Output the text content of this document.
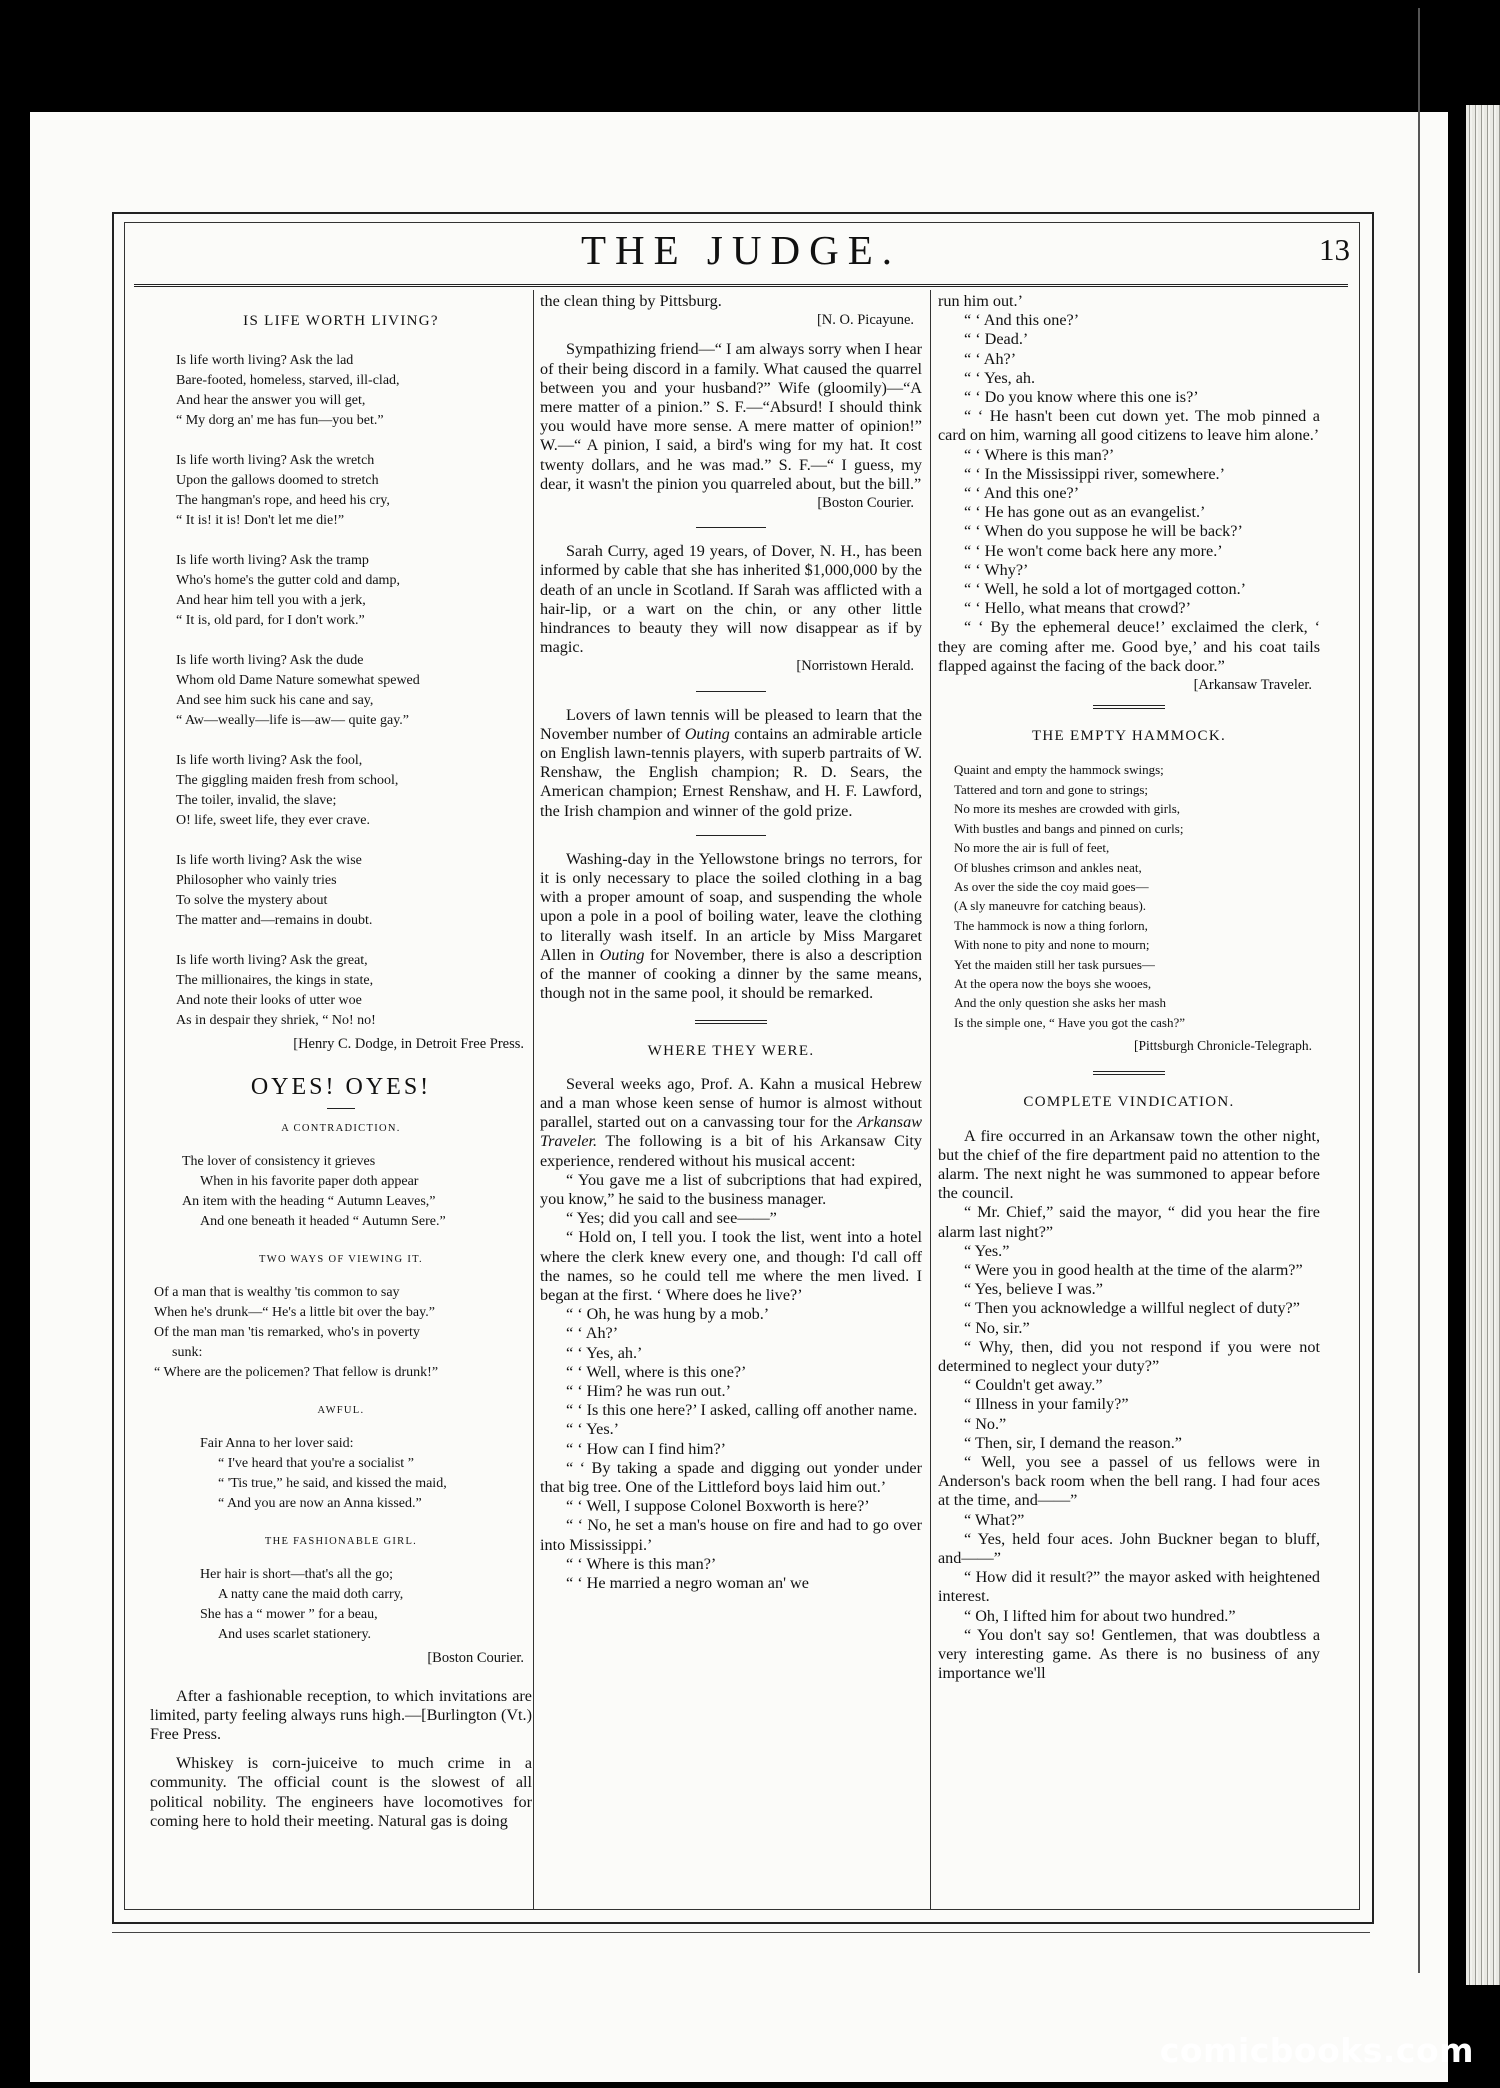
THE JUDGE.	13
IS LIFE WORTH LIVING?
Is life worth living? Ask the lad
Bare-footed, homeless, starved, ill-clad,
And hear the answer you will get,
“ My dorg an' me has fun—you bet.”
Is life worth living? Ask the wretch
Upon the gallows doomed to stretch
The hangman's rope, and heed his cry,
“ It is! it is! Don't let me die!”
Is life worth living? Ask the tramp
Who's home's the gutter cold and damp,
And hear him tell you with a jerk,
“ It is, old pard, for I don't work.”
Is life worth living? Ask the dude
Whom old Dame Nature somewhat spewed
And see him suck his cane and say,
“ Aw—weally—life is—aw— quite gay.”
Is life worth living? Ask the fool,
The giggling maiden fresh from school,
The toiler, invalid, the slave;
O! life, sweet life, they ever crave.
Is life worth living? Ask the wise
Philosopher who vainly tries
To solve the mystery about
The matter and—remains in doubt.
Is life worth living? Ask the great,
The millionaires, the kings in state,
And note their looks of utter woe
As in despair they shriek, “ No! no!
[Henry C. Dodge, in Detroit Free Press.
OYES! OYES!
A CONTRADICTION.
The lover of consistency it grieves
When in his favorite paper doth appear
An item with the heading “ Autumn Leaves,”
And one beneath it headed “ Autumn Sere.”
TWO WAYS OF VIEWING IT.
Of a man that is wealthy 'tis common to say
When he's drunk—“ He's a little bit over the bay.”
Of the man man 'tis remarked, who's in poverty
sunk:
“ Where are the policemen? That fellow is drunk!”
AWFUL.
Fair Anna to her lover said:
“ I've heard that you're a socialist ”
“ 'Tis true,” he said, and kissed the maid,
“ And you are now an Anna kissed.”
THE FASHIONABLE GIRL.
Her hair is short—that's all the go;
A natty cane the maid doth carry,
She has a “ mower ” for a beau,
And uses scarlet stationery.
[Boston Courier.

After a fashionable reception, to which invitations are limited, party feeling always runs high.—[Burlington (Vt.) Free Press.

Whiskey is corn-juiceive to much crime in a community. The official count is the slowest of all political nobility. The engineers have locomotives for coming here to hold their meeting. Natural gas is doing

the clean thing by Pittsburg.

[N. O. Picayune.

Sympathizing friend—“ I am always sorry when I hear of their being discord in a family. What caused the quarrel between you and your husband?” Wife (gloomily)—“A mere matter of a pinion.” S. F.—“Absurd! I should think you would have more sense. A mere matter of opinion!” W.—“ A pinion, I said, a bird's wing for my hat. It cost twenty dollars, and he was mad.” S. F.—“ I guess, my dear, it wasn't the pinion you quarreled about, but the bill.”

[Boston Courier.

Sarah Curry, aged 19 years, of Dover, N. H., has been informed by cable that she has inherited $1,000,000 by the death of an uncle in Scotland. If Sarah was afflicted with a hair-lip, or a wart on the chin, or any other little hindrances to beauty they will now disappear as if by magic.

[Norristown Herald.

Lovers of lawn tennis will be pleased to learn that the November number of Outing contains an admirable article on English lawn-tennis players, with superb partraits of W. Renshaw, the English champion; R. D. Sears, the American champion; Ernest Renshaw, and H. F. Lawford, the Irish champion and winner of the gold prize.

Washing-day in the Yellowstone brings no terrors, for it is only necessary to place the soiled clothing in a bag with a proper amount of soap, and suspending the whole upon a pole in a pool of boiling water, leave the clothing to literally wash itself. In an article by Miss Margaret Allen in Outing for November, there is also a description of the manner of cooking a dinner by the same means, though not in the same pool, it should be remarked.

WHERE THEY WERE.

Several weeks ago, Prof. A. Kahn a musical Hebrew and a man whose keen sense of humor is almost without parallel, started out on a canvassing tour for the Arkansaw Traveler. The following is a bit of his Arkansaw City experience, rendered without his musical accent:

“ You gave me a list of subcriptions that had expired, you know,” he said to the business manager.

“ Yes; did you call and see——”

“ Hold on, I tell you. I took the list, went into a hotel where the clerk knew every one, and though: I'd call off the names, so he could tell me where the men lived. I began at the first. ‘ Where does he live?’

“ ‘ Oh, he was hung by a mob.’

“ ‘ Ah?’

“ ‘ Yes, ah.’

“ ‘ Well, where is this one?’

“ ‘ Him? he was run out.’

“ ‘ Is this one here?’ I asked, calling off another name.

“ ‘ Yes.’

“ ‘ How can I find him?’

“ ‘ By taking a spade and digging out yonder under that big tree. One of the Littleford boys laid him out.’

“ ‘ Well, I suppose Colonel Boxworth is here?’

“ ‘ No, he set a man's house on fire and had to go over into Mississippi.’

“ ‘ Where is this man?’

“ ‘ He married a negro woman an' we

run him out.’

“ ‘ And this one?’

“ ‘ Dead.’

“ ‘ Ah?’

“ ‘ Yes, ah.

“ ‘ Do you know where this one is?’

“ ‘ He hasn't been cut down yet. The mob pinned a card on him, warning all good citizens to leave him alone.’

“ ‘ Where is this man?’

“ ‘ In the Mississippi river, somewhere.’

“ ‘ And this one?’

“ ‘ He has gone out as an evangelist.’

“ ‘ When do you suppose he will be back?’

“ ‘ He won't come back here any more.’

“ ‘ Why?’

“ ‘ Well, he sold a lot of mortgaged cotton.’

“ ‘ Hello, what means that crowd?’

“ ‘ By the ephemeral deuce!’ exclaimed the clerk, ‘ they are coming after me. Good bye,’ and his coat tails flapped against the facing of the back door.”

[Arkansaw Traveler.
THE EMPTY HAMMOCK.
Quaint and empty the hammock swings;
Tattered and torn and gone to strings;
No more its meshes are crowded with girls,
With bustles and bangs and pinned on curls;
No more the air is full of feet,
Of blushes crimson and ankles neat,
As over the side the coy maid goes—
(A sly maneuvre for catching beaus).
The hammock is now a thing forlorn,
With none to pity and none to mourn;
Yet the maiden still her task pursues—
At the opera now the boys she wooes,
And the only question she asks her mash
Is the simple one, “ Have you got the cash?”
[Pittsburgh Chronicle-Telegraph.
COMPLETE VINDICATION.

A fire occurred in an Arkansaw town the other night, but the chief of the fire department paid no attention to the alarm. The next night he was summoned to appear before the council.

“ Mr. Chief,” said the mayor, “ did you hear the fire alarm last night?”

“ Yes.”

“ Were you in good health at the time of the alarm?”

“ Yes, believe I was.”

“ Then you acknowledge a willful neglect of duty?”

“ No, sir.”

“ Why, then, did you not respond if you were not determined to neglect your duty?”

“ Couldn't get away.”

“ Illness in your family?”

“ No.”

“ Then, sir, I demand the reason.”

“ Well, you see a passel of us fellows were in Anderson's back room when the bell rang. I had four aces at the time, and——”

“ What?”

“ Yes, held four aces. John Buckner began to bluff, and——”

“ How did it result?” the mayor asked with heightened interest.

“ Oh, I lifted him for about two hundred.”

“ You don't say so! Gentlemen, that was doubtless a very interesting game. As there is no business of any importance we'll

comicbooks.com
